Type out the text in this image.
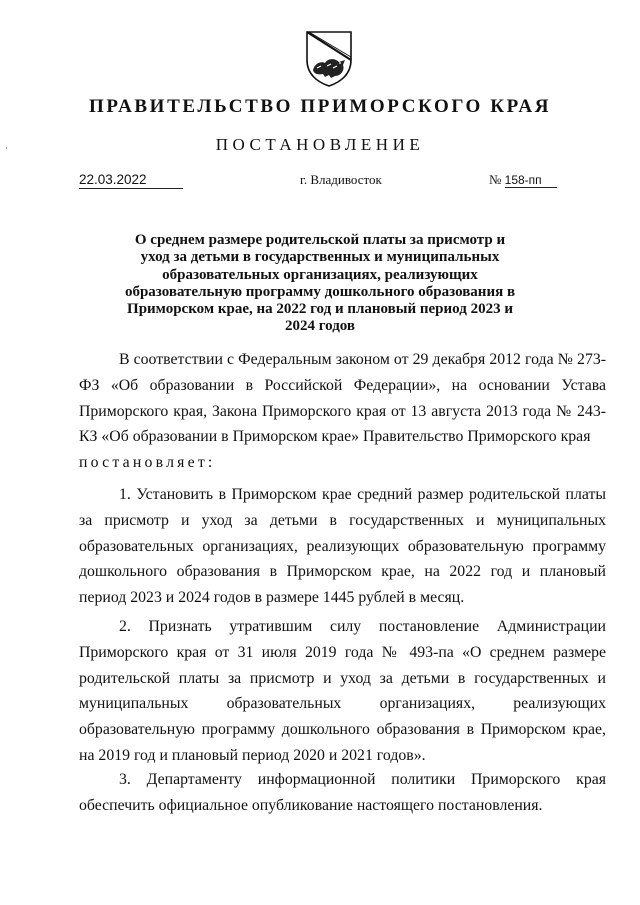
ПРАВИТЕЛЬСТВО ПРИМОРСКОГО КРАЯ
ПОСТАНОВЛЕНИЕ
22.03.2022	г. Владивосток	№ 158-пп
О среднем размере родительской платы за присмотр и уход за детьми в государственных и муниципальных образовательных организациях, реализующих образовательную программу дошкольного образования в Приморском крае, на 2022 год и плановый период 2023 и 2024 годов

В соответствии с Федеральным законом от 29 декабря 2012 года № 273-ФЗ «Об образовании в Российской Федерации», на основании Устава Приморского края, Закона Приморского края от 13 августа 2013 года № 243-КЗ «Об образовании в Приморском крае» Правительство Приморского края

постановляет:

1. Установить в Приморском крае средний размер родительской платы за присмотр и уход за детьми в государственных и муниципальных образовательных организациях, реализующих образовательную программу дошкольного образования в Приморском крае, на 2022 год и плановый период 2023 и 2024 годов в размере 1445 рублей в месяц.

2. Признать утратившим силу постановление Администрации Приморского края от 31 июля 2019 года № 493-па «О среднем размере родительской платы за присмотр и уход за детьми в государственных и муниципальных образовательных организациях, реализующих образовательную программу дошкольного образования в Приморском крае, на 2019 год и плановый период 2020 и 2021 годов».

3. Департаменту информационной политики Приморского края обеспечить официальное опубликование настоящего постановления.
